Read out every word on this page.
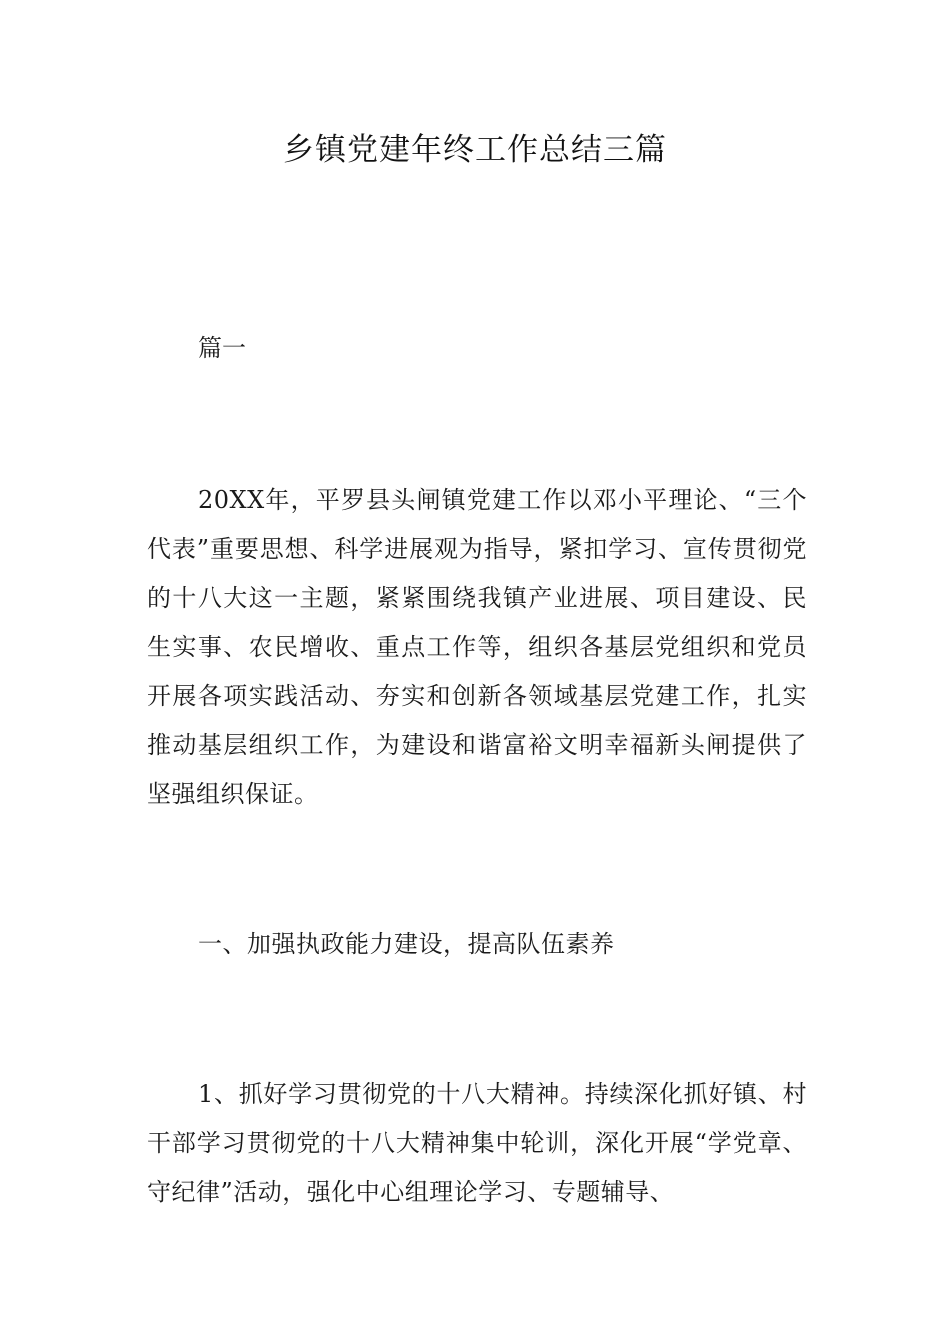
乡镇党建年终工作总结三篇
篇一

20XX年，平罗县头闸镇党建工作以邓小平理论、“三个代表”重要思想、科学进展观为指导，紧扣学习、宣传贯彻党的十八大这一主题，紧紧围绕我镇产业进展、项目建设、民生实事、农民增收、重点工作等，组织各基层党组织和党员开展各项实践活动、夯实和创新各领域基层党建工作，扎实推动基层组织工作，为建设和谐富裕文明幸福新头闸提供了坚强组织保证。

一、加强执政能力建设，提高队伍素养

1、抓好学习贯彻党的十八大精神。持续深化抓好镇、村干部学习贯彻党的十八大精神集中轮训，深化开展“学党章、守纪律”活动，强化中心组理论学习、专题辅导、
